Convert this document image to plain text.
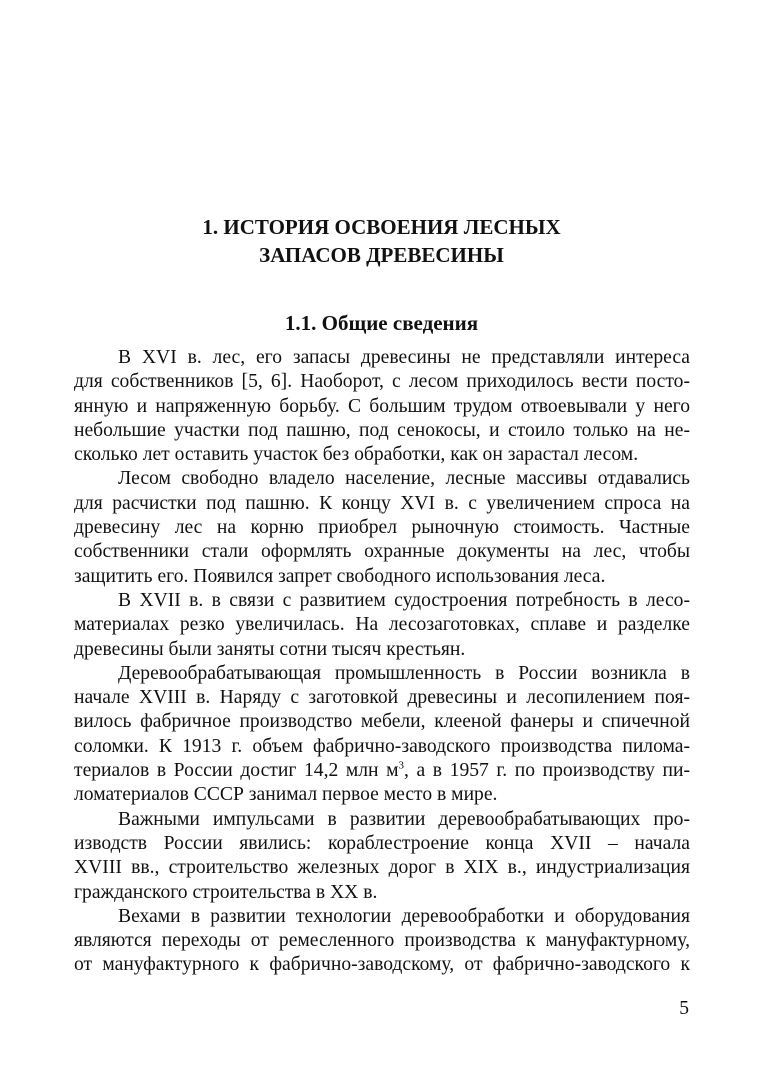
1. ИСТОРИЯ ОСВОЕНИЯ ЛЕСНЫХ
ЗАПАСОВ ДРЕВЕСИНЫ
1.1. Общие сведения
В XVI в. лес, его запасы древесины не представляли интереса
для собственников [5, 6]. Наоборот, с лесом приходилось вести посто-
янную и напряженную борьбу. С большим трудом отвоевывали у него
небольшие участки под пашню, под сенокосы, и стоило только на не-
сколько лет оставить участок без обработки, как он зарастал лесом.
Лесом свободно владело население, лесные массивы отдавались
для расчистки под пашню. К концу XVI в. с увеличением спроса на
древесину лес на корню приобрел рыночную стоимость. Частные
собственники стали оформлять охранные документы на лес, чтобы
защитить его. Появился запрет свободного использования леса.
В XVII в. в связи с развитием судостроения потребность в лесо-
материалах резко увеличилась. На лесозаготовках, сплаве и разделке
древесины были заняты сотни тысяч крестьян.
Деревообрабатывающая промышленность в России возникла в
начале XVIII в. Наряду с заготовкой древесины и лесопилением поя-
вилось фабричное производство мебели, клееной фанеры и спичечной
соломки. К 1913 г. объем фабрично-заводского производства пилома-
териалов в России достиг 14,2 млн $м^3$, а в 1957 г. по производству пи-
ломатериалов СССР занимал первое место в мире.
Важными импульсами в развитии деревообрабатывающих про-
изводств России явились: кораблестроение конца XVII – начала
XVIII вв., строительство железных дорог в XIX в., индустриализация
гражданского строительства в XX в.
Вехами в развитии технологии деревообработки и оборудования
являются переходы от ремесленного производства к мануфактурному,
от мануфактурного к фабрично-заводскому, от фабрично-заводского к
5
